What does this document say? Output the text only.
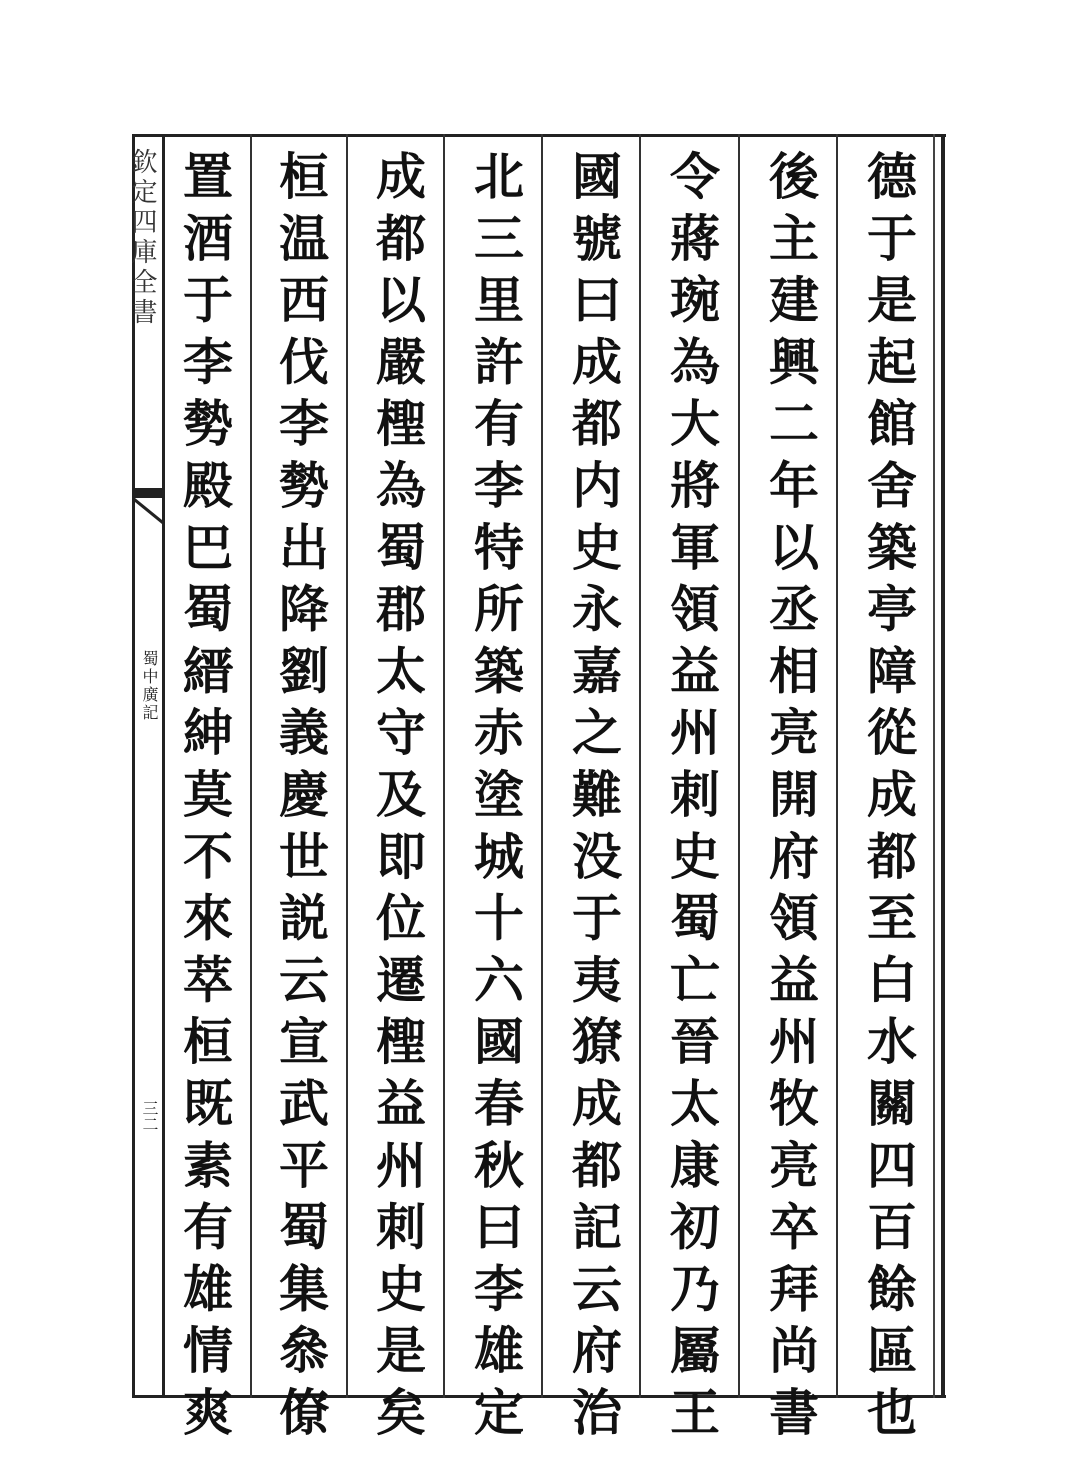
欽定四庫全書
蜀中廣記
三二	德于是起館舍築亭障從成都至白水關四百餘區也
後主建興二年以丞相亮開府領益州牧亮卒拜尚書
令蔣琬為大將軍領益州刺史蜀亡晉太康初乃屬王
國號曰成都内史永嘉之難没于夷獠成都記云府治
北三里許有李特所築赤塗城十六國春秋曰李雄定
成都以嚴檉為蜀郡太守及即位遷檉益州刺史是矣
桓温西伐李勢出降劉義慶世説云宣武平蜀集叅僚
置酒于李勢殿巴蜀縉紳莫不來萃桓既素有雄情爽
